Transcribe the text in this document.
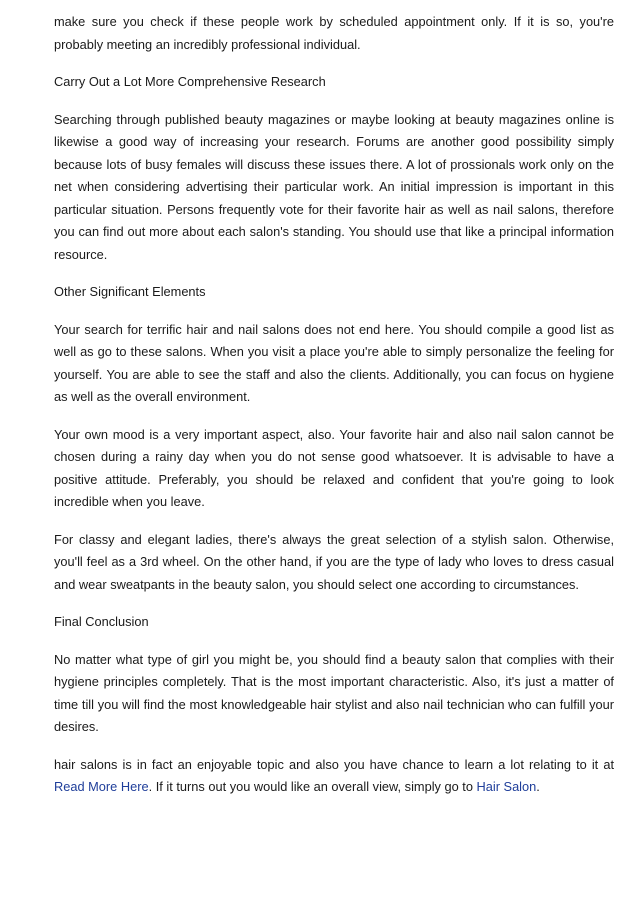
make sure you check if these people work by scheduled appointment only. If it is so, you're probably meeting an incredibly professional individual.

Carry Out a Lot More Comprehensive Research

Searching through published beauty magazines or maybe looking at beauty magazines online is likewise a good way of increasing your research. Forums are another good possibility simply because lots of busy females will discuss these issues there. A lot of prossionals work only on the net when considering advertising their particular work. An initial impression is important in this particular situation. Persons frequently vote for their favorite hair as well as nail salons, therefore you can find out more about each salon's standing. You should use that like a principal information resource.

Other Significant Elements

Your search for terrific hair and nail salons does not end here. You should compile a good list as well as go to these salons. When you visit a place you're able to simply personalize the feeling for yourself. You are able to see the staff and also the clients. Additionally, you can focus on hygiene as well as the overall environment.

Your own mood is a very important aspect, also. Your favorite hair and also nail salon cannot be chosen during a rainy day when you do not sense good whatsoever. It is advisable to have a positive attitude. Preferably, you should be relaxed and confident that you're going to look incredible when you leave.

For classy and elegant ladies, there's always the great selection of a stylish salon. Otherwise, you'll feel as a 3rd wheel. On the other hand, if you are the type of lady who loves to dress casual and wear sweatpants in the beauty salon, you should select one according to circumstances.

Final Conclusion

No matter what type of girl you might be, you should find a beauty salon that complies with their hygiene principles completely. That is the most important characteristic. Also, it's just a matter of time till you will find the most knowledgeable hair stylist and also nail technician who can fulfill your desires.

hair salons is in fact an enjoyable topic and also you have chance to learn a lot relating to it at Read More Here. If it turns out you would like an overall view, simply go to Hair Salon.
